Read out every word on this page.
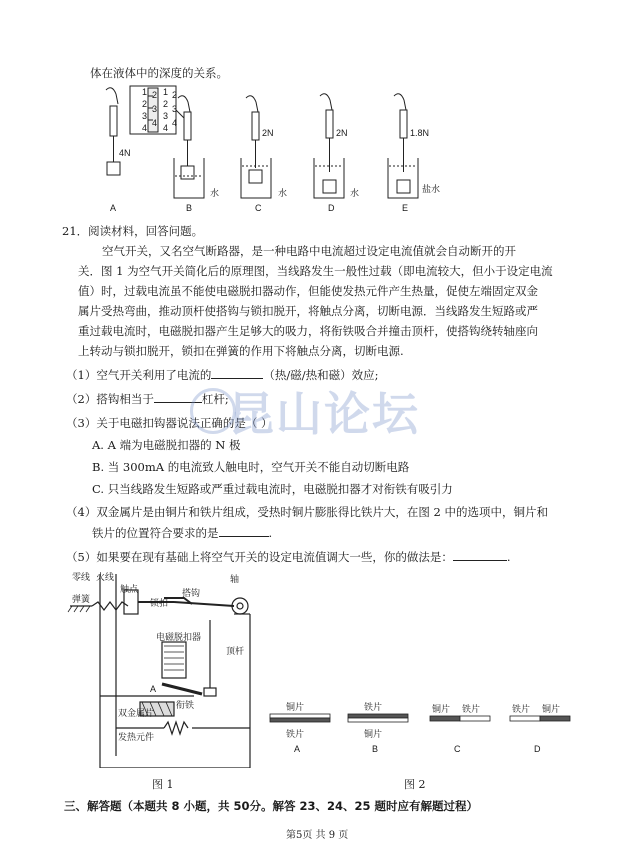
体在液体中的深度的关系。
1
2
3
4
1
2
3
4
2
3
4
2
3
4
4N
2N	2N	1.8N
水	水	水	盐水
A	B	C	D	E
21．阅读材料，回答问题。
空气开关，又名空气断路器，是一种电路中电流超过设定电流值就会自动断开的开
关．图 1 为空气开关简化后的原理图，当线路发生一般性过载（即电流较大，但小于设定电流
值）时，过载电流虽不能使电磁脱扣器动作，但能使发热元件产生热量，促使左端固定双金
属片受热弯曲，推动顶杆使搭钩与锁扣脱开，将触点分离，切断电源．当线路发生短路或严
重过载电流时，电磁脱扣器产生足够大的吸力，将衔铁吸合并撞击顶杆，使搭钩绕转轴座向
上转动与锁扣脱开，锁扣在弹簧的作用下将触点分离，切断电源.
（1）空气开关利用了电流的	（热/磁/热和磁）效应;
（2）搭钩相当于	杠杆;
（3）关于电磁扣钩器说法正确的是（ ）
A. A 端为电磁脱扣器的 N 极
B. 当 300mA 的电流致人触电时，空气开关不能自动切断电路
C. 只当线路发生短路或严重过载电流时，电磁脱扣器才对衔铁有吸引力
（4）双金属片是由铜片和铁片组成，受热时铜片膨胀得比铁片大，在图 2 中的选项中，铜片和
铁片的位置符合要求的是	.
（5）如果要在现有基础上将空气开关的设定电流值调大一些，你的做法是：	.
昆山论坛
零线 火线
触点
弹簧	锁扣
搭钩
轴
电磁脱扣器
顶杆
A
衔铁
双金属片
发热元件
图 1
铜片
铁片
A
铁片
铜片
B
铜片 铁片
C
铁片 铜片
D
图 2
三、解答题（本题共 8 小题，共 50分。解答 23、24、25 题时应有解题过程）
第5页 共 9 页
